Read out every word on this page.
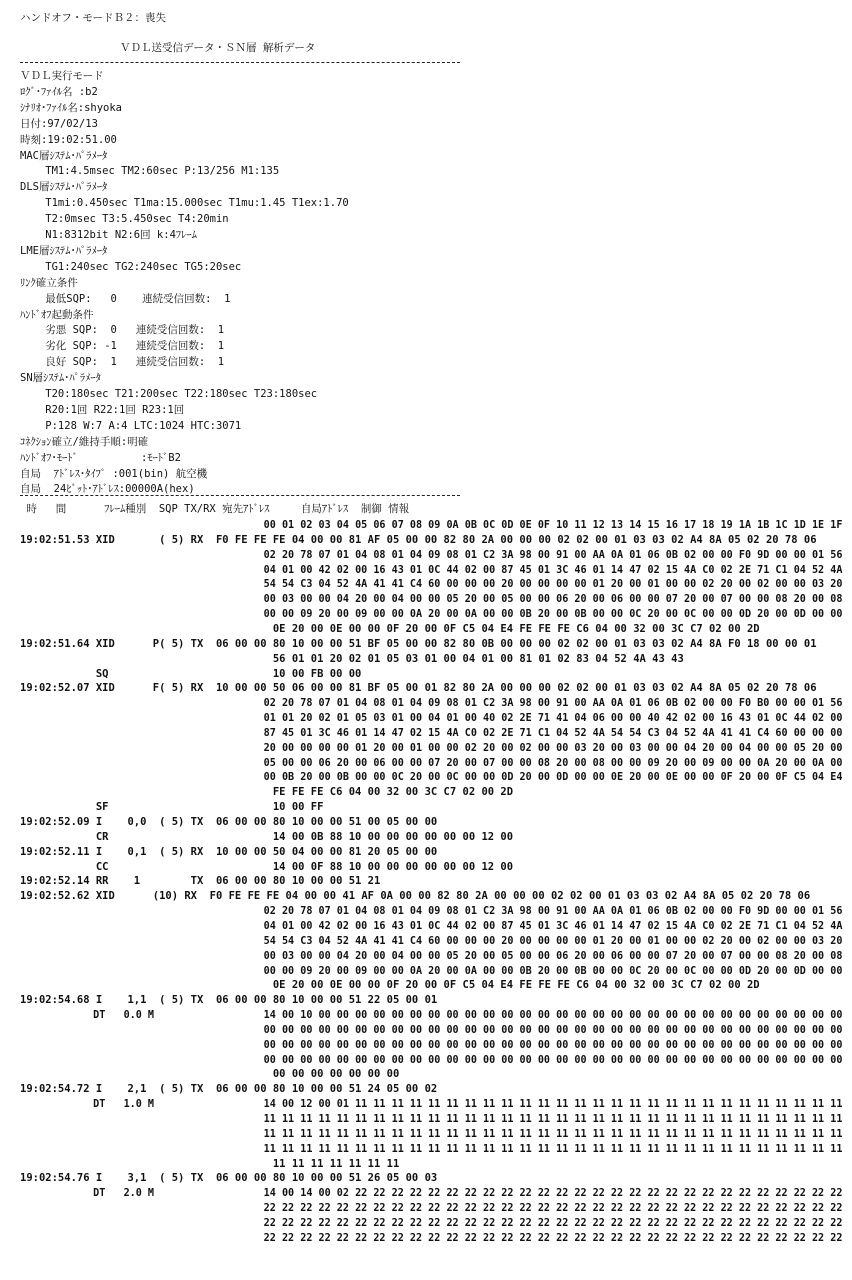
ハンドオフ・モードＢ２：喪失
ＶＤＬ送受信データ・ＳＮ層 解析データ
ＶＤＬ実行モード
ﾛｸﾞ･ﾌｧｲﾙ名 :b2
ｼﾅﾘｵ･ﾌｧｲﾙ名:shyoka
日付:97/02/13
時刻:19:02:51.00
MAC層ｼｽﾃﾑ･ﾊﾟﾗﾒｰﾀ
TM1:4.5msec TM2:60sec P:13/256 M1:135
DLS層ｼｽﾃﾑ･ﾊﾟﾗﾒｰﾀ
T1mi:0.450sec T1ma:15.000sec T1mu:1.45 T1ex:1.70
T2:0msec T3:5.450sec T4:20min
N1:8312bit N2:6回 k:4ﾌﾚｰﾑ
LME層ｼｽﾃﾑ･ﾊﾟﾗﾒｰﾀ
TG1:240sec TG2:240sec TG5:20sec
ﾘﾝｸ確立条件
最低SQP:   0    連続受信回数:  1
ﾊﾝﾄﾞｵﾌ起動条件
劣悪 SQP:  0   連続受信回数:  1
劣化 SQP: -1   連続受信回数:  1
良好 SQP:  1   連続受信回数:  1
SN層ｼｽﾃﾑ･ﾊﾟﾗﾒｰﾀ
T20:180sec T21:200sec T22:180sec T23:180sec
R20:1回 R22:1回 R23:1回
P:128 W:7 A:4 LTC:1024 HTC:3071
ｺﾈｸｼｮﾝ確立/維持手順:明確
ﾊﾝﾄﾞｵﾌ･ﾓｰﾄﾞ          :ﾓｰﾄﾞB2
自局  ｱﾄﾞﾚｽ･ﾀｲﾌﾟ :001(bin) 航空機
自局  24ﾋﾞｯﾄ･ｱﾄﾞﾚｽ:00000A(hex)
時   間      ﾌﾚｰﾑ種別  SQP TX/RX 宛先ｱﾄﾞﾚｽ     自局ｱﾄﾞﾚｽ  制御 情報
00 01 02 03 04 05 06 07 08 09 0A 0B 0C 0D 0E 0F 10 11 12 13 14 15 16 17 18 19 1A 1B 1C 1D 1E 1F
19:02:51.53 XID       ( 5) RX  F0 FE FE FE 04 00 00 81 AF 05 00 00 82 80 2A 00 00 00 02 02 00 01 03 03 02 A4 8A 05 02 20 78 06
02 20 78 07 01 04 08 01 04 09 08 01 C2 3A 98 00 91 00 AA 0A 01 06 0B 02 00 00 F0 9D 00 00 01 56
04 01 00 42 02 00 16 43 01 0C 44 02 00 87 45 01 3C 46 01 14 47 02 15 4A C0 02 2E 71 C1 04 52 4A
54 54 C3 04 52 4A 41 41 C4 60 00 00 00 20 00 00 00 00 01 20 00 01 00 00 02 20 00 02 00 00 03 20
00 03 00 00 04 20 00 04 00 00 05 20 00 05 00 00 06 20 00 06 00 00 07 20 00 07 00 00 08 20 00 08
00 00 09 20 00 09 00 00 0A 20 00 0A 00 00 0B 20 00 0B 00 00 0C 20 00 0C 00 00 0D 20 00 0D 00 00
0E 20 00 0E 00 00 0F 20 00 0F C5 04 E4 FE FE FE C6 04 00 32 00 3C C7 02 00 2D
19:02:51.64 XID      P( 5) TX  06 00 00 80 10 00 00 51 BF 05 00 00 82 80 0B 00 00 00 02 02 00 01 03 03 02 A4 8A F0 18 00 00 01
56 01 01 20 02 01 05 03 01 00 04 01 00 81 01 02 83 04 52 4A 43 43
SQ                          10 00 FB 00 00
19:02:52.07 XID      F( 5) RX  10 00 00 50 06 00 00 81 BF 05 00 01 82 80 2A 00 00 00 02 02 00 01 03 03 02 A4 8A 05 02 20 78 06
02 20 78 07 01 04 08 01 04 09 08 01 C2 3A 98 00 91 00 AA 0A 01 06 0B 02 00 00 F0 B0 00 00 01 56
01 01 20 02 01 05 03 01 00 04 01 00 40 02 2E 71 41 04 06 00 00 40 42 02 00 16 43 01 0C 44 02 00
87 45 01 3C 46 01 14 47 02 15 4A C0 02 2E 71 C1 04 52 4A 54 54 C3 04 52 4A 41 41 C4 60 00 00 00
20 00 00 00 00 01 20 00 01 00 00 02 20 00 02 00 00 03 20 00 03 00 00 04 20 00 04 00 00 05 20 00
05 00 00 06 20 00 06 00 00 07 20 00 07 00 00 08 20 00 08 00 00 09 20 00 09 00 00 0A 20 00 0A 00
00 0B 20 00 0B 00 00 0C 20 00 0C 00 00 0D 20 00 0D 00 00 0E 20 00 0E 00 00 0F 20 00 0F C5 04 E4
FE FE FE C6 04 00 32 00 3C C7 02 00 2D
SF                          10 00 FF
19:02:52.09 I    0,0  ( 5) TX  06 00 00 80 10 00 00 51 00 05 00 00
CR                          14 00 0B 88 10 00 00 00 00 00 00 12 00
19:02:52.11 I    0,1  ( 5) RX  10 00 00 50 04 00 00 81 20 05 00 00
CC                          14 00 0F 88 10 00 00 00 00 00 00 12 00
19:02:52.14 RR    1        TX  06 00 00 80 10 00 00 51 21
19:02:52.62 XID      (10) RX  F0 FE FE FE 04 00 00 41 AF 0A 00 00 82 80 2A 00 00 00 02 02 00 01 03 03 02 A4 8A 05 02 20 78 06
02 20 78 07 01 04 08 01 04 09 08 01 C2 3A 98 00 91 00 AA 0A 01 06 0B 02 00 00 F0 9D 00 00 01 56
04 01 00 42 02 00 16 43 01 0C 44 02 00 87 45 01 3C 46 01 14 47 02 15 4A C0 02 2E 71 C1 04 52 4A
54 54 C3 04 52 4A 41 41 C4 60 00 00 00 20 00 00 00 00 01 20 00 01 00 00 02 20 00 02 00 00 03 20
00 03 00 00 04 20 00 04 00 00 05 20 00 05 00 00 06 20 00 06 00 00 07 20 00 07 00 00 08 20 00 08
00 00 09 20 00 09 00 00 0A 20 00 0A 00 00 0B 20 00 0B 00 00 0C 20 00 0C 00 00 0D 20 00 0D 00 00
0E 20 00 0E 00 00 0F 20 00 0F C5 04 E4 FE FE FE C6 04 00 32 00 3C C7 02 00 2D
19:02:54.68 I    1,1  ( 5) TX  06 00 00 80 10 00 00 51 22 05 00 01
DT   0.0 M                  14 00 10 00 00 00 00 00 00 00 00 00 00 00 00 00 00 00 00 00 00 00 00 00 00 00 00 00 00 00 00 00
00 00 00 00 00 00 00 00 00 00 00 00 00 00 00 00 00 00 00 00 00 00 00 00 00 00 00 00 00 00 00 00
00 00 00 00 00 00 00 00 00 00 00 00 00 00 00 00 00 00 00 00 00 00 00 00 00 00 00 00 00 00 00 00
00 00 00 00 00 00 00 00 00 00 00 00 00 00 00 00 00 00 00 00 00 00 00 00 00 00 00 00 00 00 00 00
00 00 00 00 00 00 00
19:02:54.72 I    2,1  ( 5) TX  06 00 00 80 10 00 00 51 24 05 00 02
DT   1.0 M                  14 00 12 00 01 11 11 11 11 11 11 11 11 11 11 11 11 11 11 11 11 11 11 11 11 11 11 11 11 11 11 11
11 11 11 11 11 11 11 11 11 11 11 11 11 11 11 11 11 11 11 11 11 11 11 11 11 11 11 11 11 11 11 11
11 11 11 11 11 11 11 11 11 11 11 11 11 11 11 11 11 11 11 11 11 11 11 11 11 11 11 11 11 11 11 11
11 11 11 11 11 11 11 11 11 11 11 11 11 11 11 11 11 11 11 11 11 11 11 11 11 11 11 11 11 11 11 11
11 11 11 11 11 11 11
19:02:54.76 I    3,1  ( 5) TX  06 00 00 80 10 00 00 51 26 05 00 03
DT   2.0 M                  14 00 14 00 02 22 22 22 22 22 22 22 22 22 22 22 22 22 22 22 22 22 22 22 22 22 22 22 22 22 22 22
22 22 22 22 22 22 22 22 22 22 22 22 22 22 22 22 22 22 22 22 22 22 22 22 22 22 22 22 22 22 22 22
22 22 22 22 22 22 22 22 22 22 22 22 22 22 22 22 22 22 22 22 22 22 22 22 22 22 22 22 22 22 22 22
22 22 22 22 22 22 22 22 22 22 22 22 22 22 22 22 22 22 22 22 22 22 22 22 22 22 22 22 22 22 22 22
